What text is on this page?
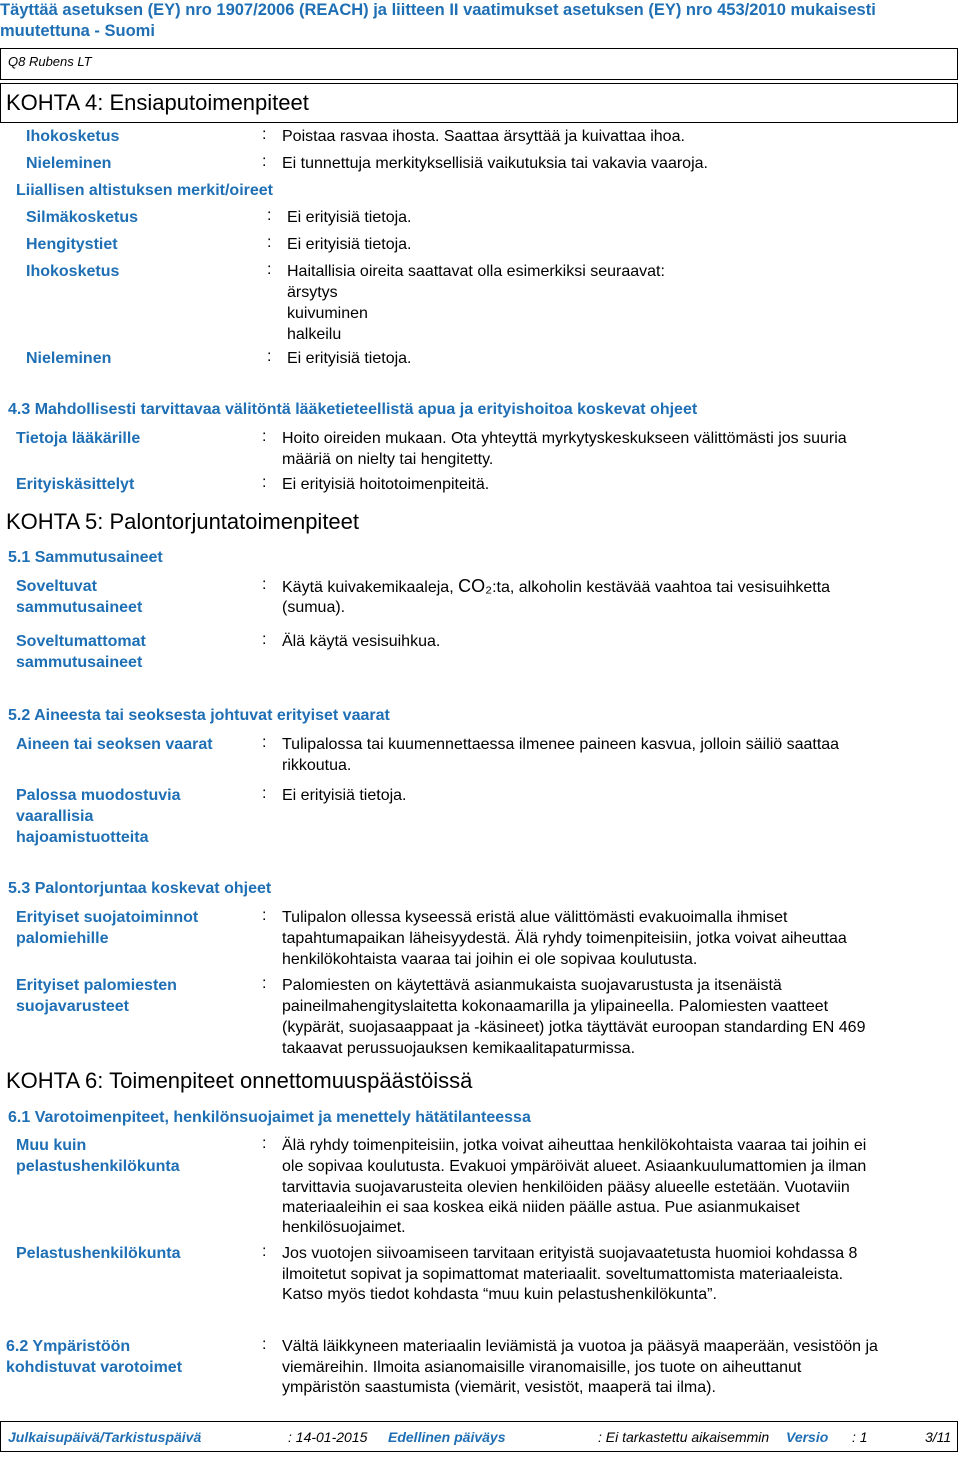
Täyttää asetuksen (EY) nro 1907/2006 (REACH) ja liitteen II vaatimukset asetuksen (EY) nro 453/2010 mukaisesti muutettuna - Suomi
Q8 Rubens LT
KOHTA 4: Ensiaputoimenpiteet
Ihokosketus	: Poistaa rasvaa ihosta. Saattaa ärsyttää ja kuivattaa ihoa.
Nieleminen	: Ei tunnettuja merkityksellisiä vaikutuksia tai vakavia vaaroja.
Liiallisen altistuksen merkit/oireet
Silmäkosketus	: Ei erityisiä tietoja.
Hengitystiet	: Ei erityisiä tietoja.
Ihokosketus	: Haitallisia oireita saattavat olla esimerkiksi seuraavat:
ärsytys
kuivuminen
halkeilu
Nieleminen	: Ei erityisiä tietoja.
4.3 Mahdollisesti tarvittavaa välitöntä lääketieteellistä apua ja erityishoitoa koskevat ohjeet
Tietoja lääkärille	: Hoito oireiden mukaan. Ota yhteyttä myrkytyskeskukseen välittömästi jos suuria
määriä on nielty tai hengitetty.
Erityiskäsittelyt	: Ei erityisiä hoitotoimenpiteitä.
KOHTA 5: Palontorjuntatoimenpiteet
5.1 Sammutusaineet
Soveltuvat
sammutusaineet
: Käytä kuivakemikaaleja, CO₂:ta, alkoholin kestävää vaahtoa tai vesisuihketta
(sumua).
Soveltumattomat
sammutusaineet
: Älä käytä vesisuihkua.
5.2 Aineesta tai seoksesta johtuvat erityiset vaarat
Aineen tai seoksen vaarat	: Tulipalossa tai kuumennettaessa ilmenee paineen kasvua, jolloin säiliö saattaa
rikkoutua.
Palossa muodostuvia
vaarallisia
hajoamistuotteita
: Ei erityisiä tietoja.
5.3 Palontorjuntaa koskevat ohjeet
Erityiset suojatoiminnot
palomiehille
: Tulipalon ollessa kyseessä eristä alue välittömästi evakuoimalla ihmiset
tapahtumapaikan läheisyydestä. Älä ryhdy toimenpiteisiin, jotka voivat aiheuttaa
henkilökohtaista vaaraa tai joihin ei ole sopivaa koulutusta.
Erityiset palomiesten
suojavarusteet
: Palomiesten on käytettävä asianmukaista suojavarustusta ja itsenäistä
paineilmahengityslaitetta kokonaamarilla ja ylipaineella. Palomiesten vaatteet
(kypärät, suojasaappaat ja -käsineet) jotka täyttävät euroopan standarding EN 469
takaavat perussuojauksen kemikaalitapaturmissa.
KOHTA 6: Toimenpiteet onnettomuuspäästöissä
6.1 Varotoimenpiteet, henkilönsuojaimet ja menettely hätätilanteessa
Muu kuin
pelastushenkilökunta
: Älä ryhdy toimenpiteisiin, jotka voivat aiheuttaa henkilökohtaista vaaraa tai joihin ei
ole sopivaa koulutusta. Evakuoi ympäröivät alueet. Asiaankuulumattomien ja ilman
tarvittavia suojavarusteita olevien henkilöiden pääsy alueelle estetään. Vuotaviin
materiaaleihin ei saa koskea eikä niiden päälle astua. Pue asianmukaiset
henkilösuojaimet.
Pelastushenkilökunta	: Jos vuotojen siivoamiseen tarvitaan erityistä suojavaatetusta huomioi kohdassa 8
ilmoitetut sopivat ja sopimattomat materiaalit. soveltumattomista materiaaleista.
Katso myös tiedot kohdasta “muu kuin pelastushenkilökunta”.
6.2 Ympäristöön
kohdistuvat varotoimet
: Vältä läikkyneen materiaalin leviämistä ja vuotoa ja pääsyä maaperään, vesistöön ja
viemäreihin. Ilmoita asianomaisille viranomaisille, jos tuote on aiheuttanut
ympäristön saastumista (viemärit, vesistöt, maaperä tai ilma).
Julkaisupäivä/Tarkistuspäivä	: 14-01-2015 Edellinen päiväys	: Ei tarkastettu aikaisemmin Versio : 1	3/11
